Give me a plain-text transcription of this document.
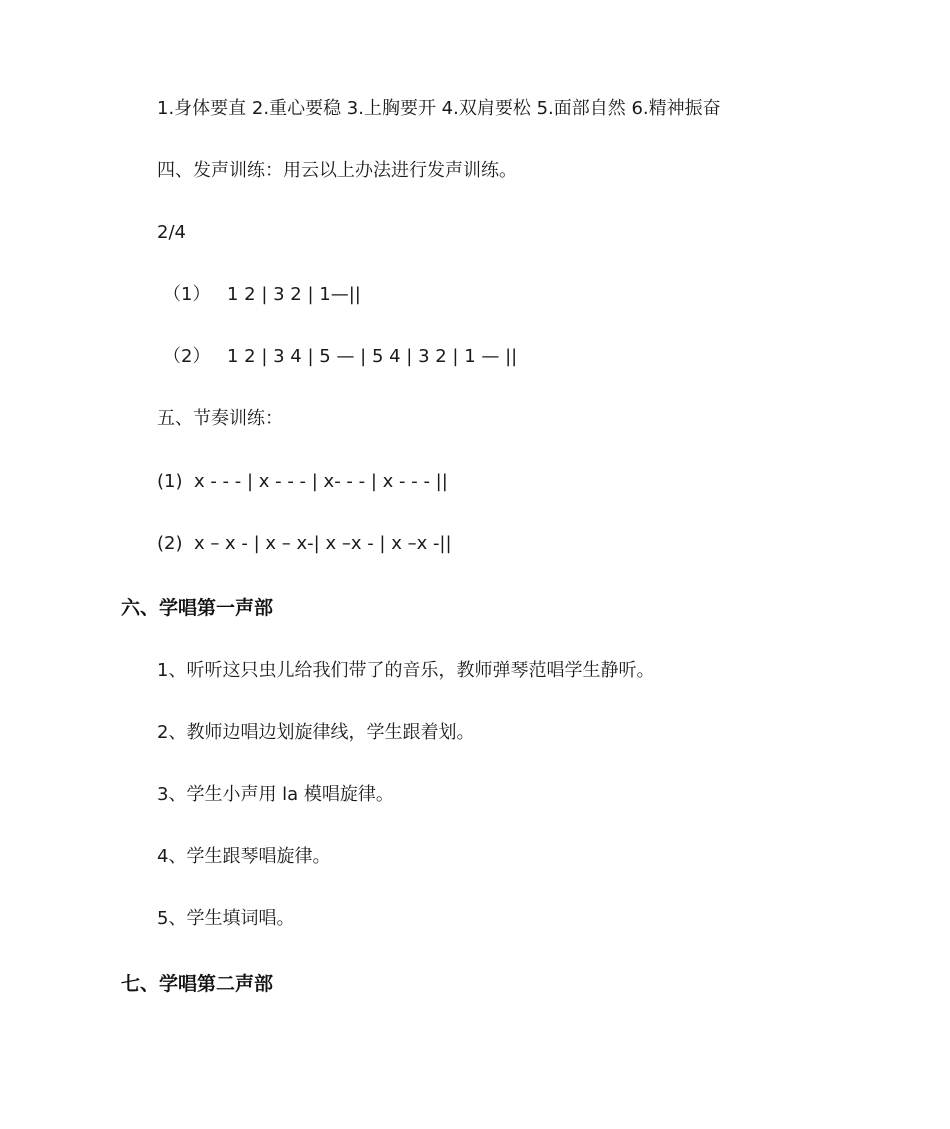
1.身体要直 2.重心要稳 3.上胸要开 4.双肩要松 5.面部自然 6.精神振奋
四、发声训练：用云以上办法进行发声训练。
2/4
（1） 1 2 | 3 2 | 1—||
（2） 1 2 | 3 4 | 5 — | 5 4 | 3 2 | 1 — ||
五、节奏训练：
(1)  x - - - | x - - - | x- - - | x - - - ||
(2)  x – x - | x – x-| x –x - | x –x -||
六、学唱第一声部
1、听听这只虫儿给我们带了的音乐，教师弹琴范唱学生静听。
2、教师边唱边划旋律线，学生跟着划。
3、学生小声用 la 模唱旋律。
4、学生跟琴唱旋律。
5、学生填词唱。
七、学唱第二声部
